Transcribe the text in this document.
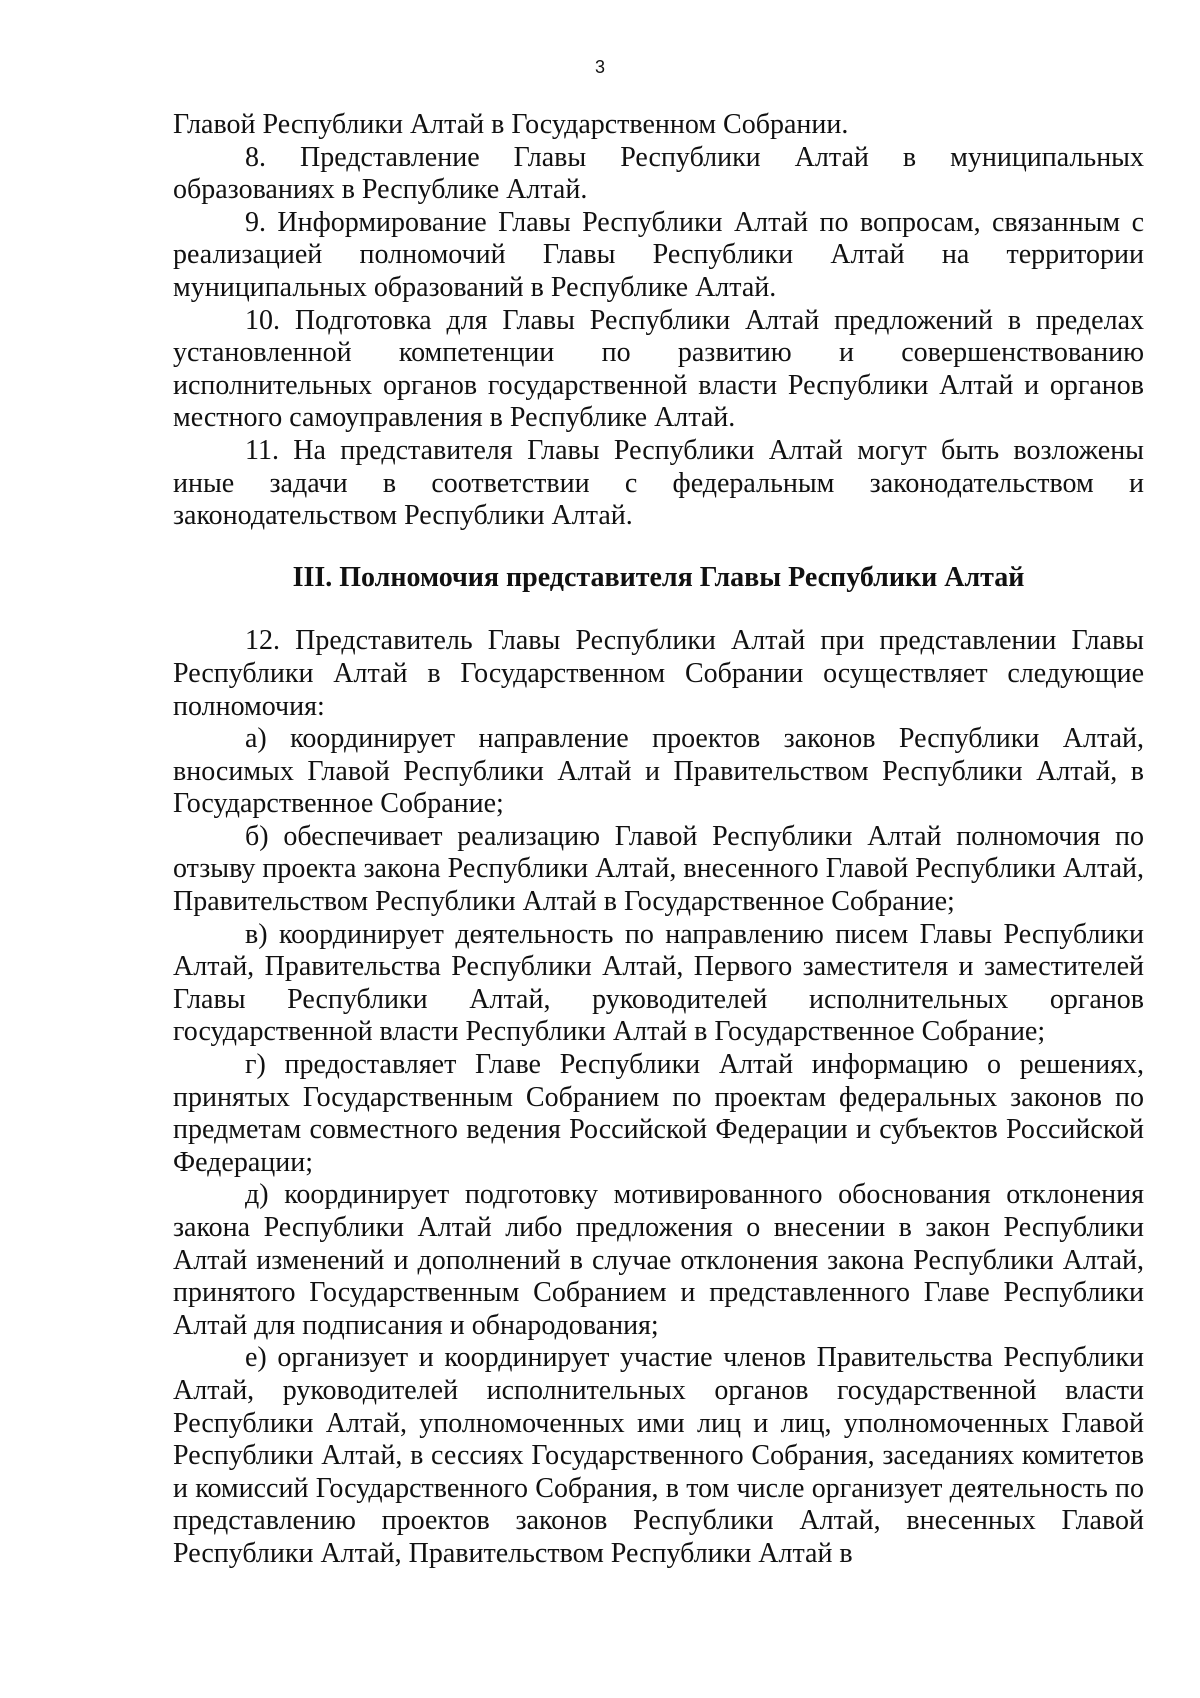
3

Главой Республики Алтай в Государственном Собрании.

8. Представление Главы Республики Алтай в муниципальных образованиях в Республике Алтай.

9. Информирование Главы Республики Алтай по вопросам, связанным с реализацией полномочий Главы Республики Алтай на территории муниципальных образований в Республике Алтай.

10. Подготовка для Главы Республики Алтай предложений в пределах установленной компетенции по развитию и совершенствованию исполнительных органов государственной власти Республики Алтай и органов местного самоуправления в Республике Алтай.

11. На представителя Главы Республики Алтай могут быть возложены иные задачи в соответствии с федеральным законодательством и законодательством Республики Алтай.

III. Полномочия представителя Главы Республики Алтай

12. Представитель Главы Республики Алтай при представлении Главы Республики Алтай в Государственном Собрании осуществляет следующие полномочия:

а) координирует направление проектов законов Республики Алтай, вносимых Главой Республики Алтай и Правительством Республики Алтай, в Государственное Собрание;

б) обеспечивает реализацию Главой Республики Алтай полномочия по отзыву проекта закона Республики Алтай, внесенного Главой Республики Алтай, Правительством Республики Алтай в Государственное Собрание;

в) координирует деятельность по направлению писем Главы Республики Алтай, Правительства Республики Алтай, Первого заместителя и заместителей Главы Республики Алтай, руководителей исполнительных органов государственной власти Республики Алтай в Государственное Собрание;

г) предоставляет Главе Республики Алтай информацию о решениях, принятых Государственным Собранием по проектам федеральных законов по предметам совместного ведения Российской Федерации и субъектов Российской Федерации;

д) координирует подготовку мотивированного обоснования отклонения закона Республики Алтай либо предложения о внесении в закон Республики Алтай изменений и дополнений в случае отклонения закона Республики Алтай, принятого Государственным Собранием и представленного Главе Республики Алтай для подписания и обнародования;

е) организует и координирует участие членов Правительства Республики Алтай, руководителей исполнительных органов государственной власти Республики Алтай, уполномоченных ими лиц и лиц, уполномоченных Главой Республики Алтай, в сессиях Государственного Собрания, заседаниях комитетов и комиссий Государственного Собрания, в том числе организует деятельность по представлению проектов законов Республики Алтай, внесенных Главой Республики Алтай, Правительством Республики Алтай в
